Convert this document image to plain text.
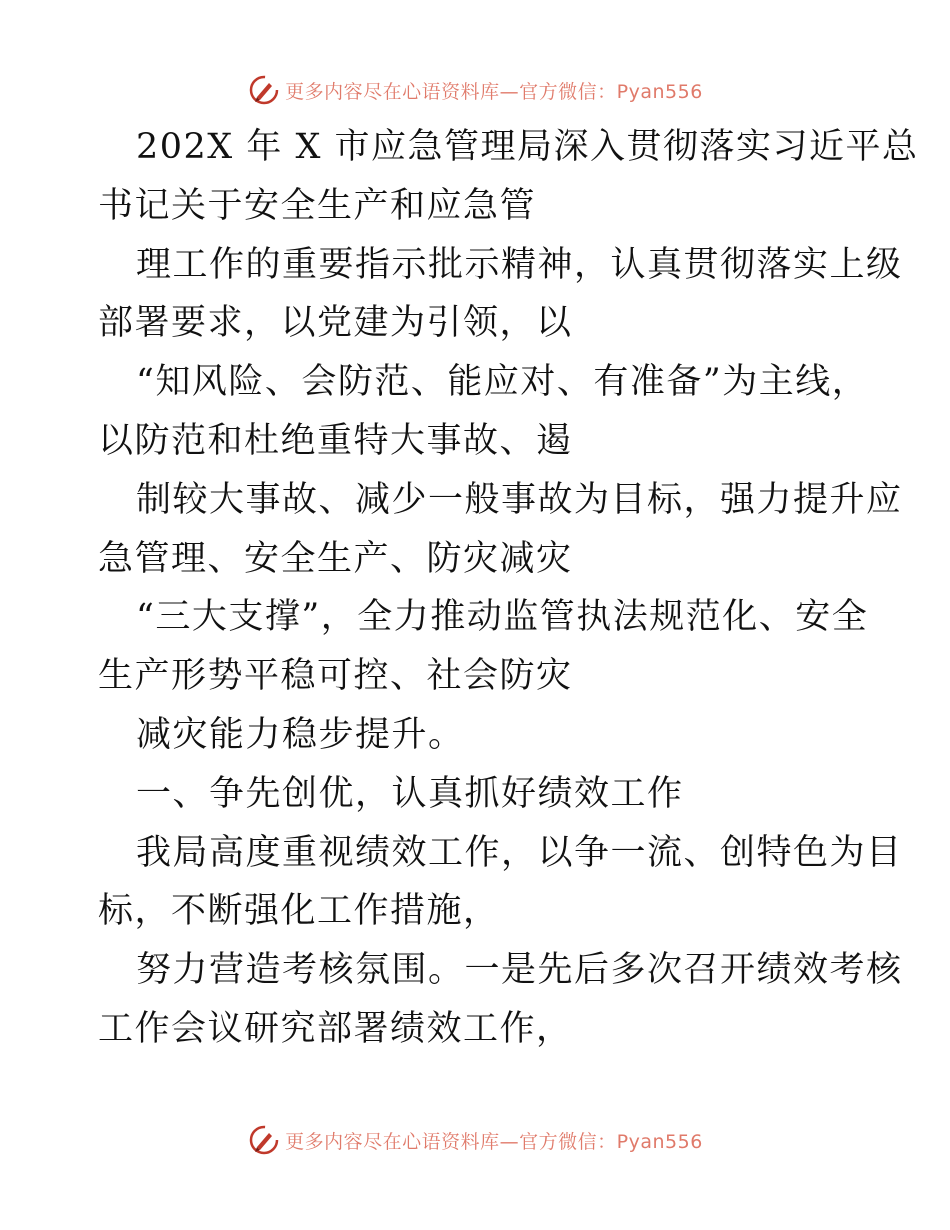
更多内容尽在心语资料库—官方微信：Pyan556
202X 年 X 市应急管理局深入贯彻落实习近平总
书记关于安全生产和应急管
理工作的重要指示批示精神，认真贯彻落实上级
部署要求，以党建为引领，以
“知风险、会防范、能应对、有准备”为主线，
以防范和杜绝重特大事故、遏
制较大事故、减少一般事故为目标，强力提升应
急管理、安全生产、防灾减灾
“三大支撑”，全力推动监管执法规范化、安全
生产形势平稳可控、社会防灾
减灾能力稳步提升。
一、争先创优，认真抓好绩效工作
我局高度重视绩效工作，以争一流、创特色为目
标，不断强化工作措施，
努力营造考核氛围。一是先后多次召开绩效考核
工作会议研究部署绩效工作，
更多内容尽在心语资料库—官方微信：Pyan556
